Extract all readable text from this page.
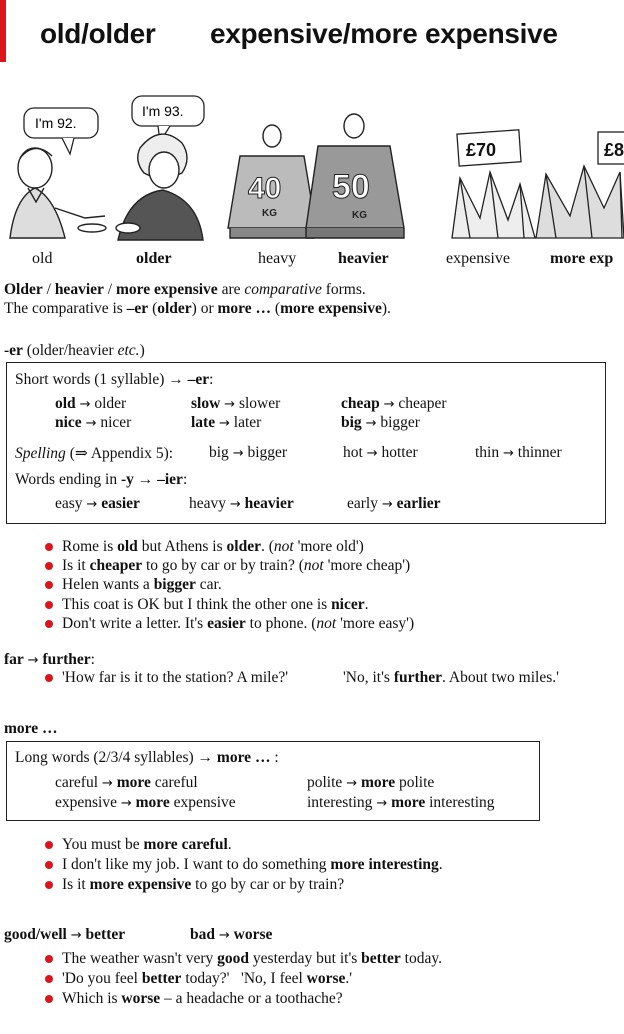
old/older expensive/more expensive
I'm 92.
I'm 93.
40
KG
50
KG
£70	£8
old	older	heavy	heavier	expensive	more exp
Older / heavier / more expensive are comparative forms.
The comparative is –er (older) or more … (more expensive).
-er (older/heavier etc.)
Short words (1 syllable) → –er:
old → older	slow → slower	cheap → cheaper
nice → nicer	late → later	big → bigger
Spelling (⇒ Appendix 5): big → bigger	hot → hotter	thin → thinner
Words ending in -y → –ier:
easy → easier	heavy → heavier	early → earlier
Rome is old but Athens is older. (not 'more old')
Is it cheaper to go by car or by train? (not 'more cheap')
Helen wants a bigger car.
This coat is OK but I think the other one is nicer.
Don't write a letter. It's easier to phone. (not 'more easy')
far → further:
'How far is it to the station? A mile?'	'No, it's further. About two miles.'
more …
Long words (2/3/4 syllables) → more … :
careful → more careful	polite → more polite
expensive → more expensive	interesting → more interesting
You must be more careful.
I don't like my job. I want to do something more interesting.
Is it more expensive to go by car or by train?
good/well → better	bad → worse
The weather wasn't very good yesterday but it's better today.
'Do you feel better today?'   'No, I feel worse.'
Which is worse – a headache or a toothache?
